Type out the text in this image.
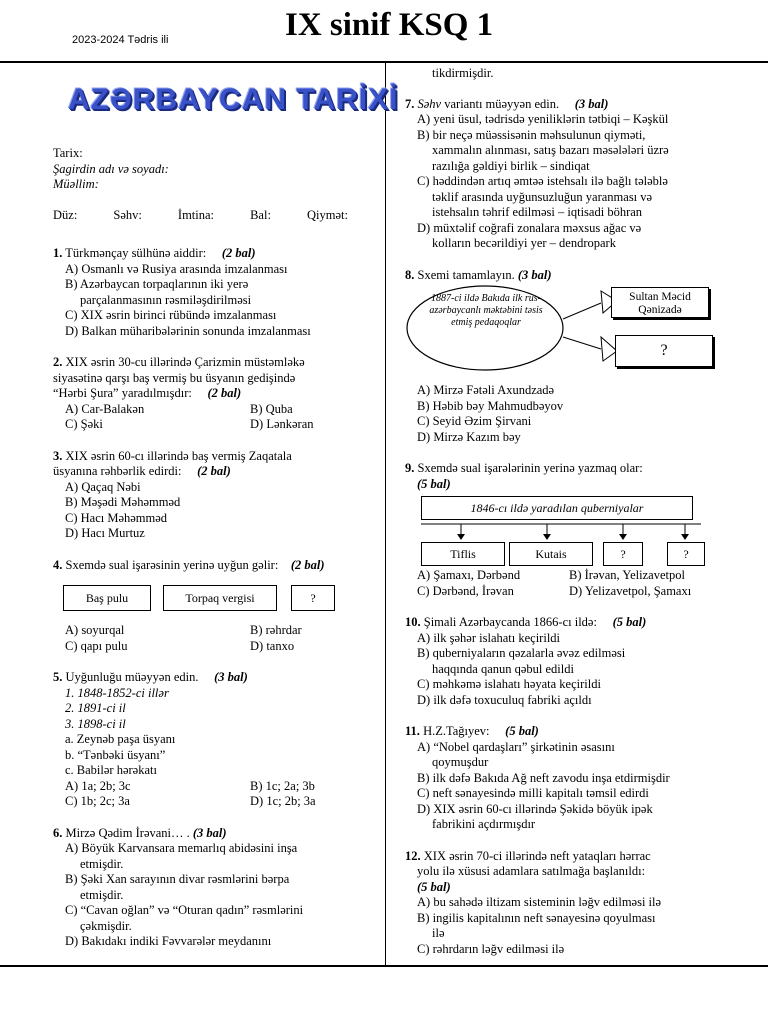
2023-2024 Tədris ili	IX sinif KSQ 1
AZƏRBAYCAN TARİXİ
Tarix:
Şagirdin adı və soyadı:
Müəllim:
Düz:	Səhv:	İmtina:	Bal:	Qiymət:
1. Türkmənçay sülhünə aiddir: (2 bal)
A) Osmanlı və Rusiya arasında imzalanması
B) Azərbaycan torpaqlarının iki yerə
parçalanmasının rəsmiləşdirilməsi
C) XIX əsrin birinci rübündə imzalanması
D) Balkan müharibələrinin sonunda imzalanması
2. XIX əsrin 30-cu illərində Çarizmin müstəmləkə
siyasətinə qarşı baş vermiş bu üsyanın gedişində
“Hərbi Şura” yaradılmışdır: (2 bal)
A) Car-Balakən	B) Quba
C) Şəki	D) Lənkəran
3. XIX əsrin 60-cı illərində baş vermiş Zaqatala
üsyanına rəhbərlik edirdi: (2 bal)
A) Qaçaq Nəbi
B) Məşədi Məhəmməd
C) Hacı Məhəmməd
D) Hacı Murtuz
4. Sxemdə sual işarəsinin yerinə uyğun gəlir: (2 bal)
Baş pulu	Torpaq vergisi	?
A) soyurqal	B) rəhrdar
C) qapı pulu	D) tanxo
5. Uyğunluğu müəyyən edin. (3 bal)
1. 1848-1852-ci illər
2. 1891-ci il
3. 1898-ci il
a. Zeynəb paşa üsyanı
b. “Tənbəki üsyanı”
c. Babilər hərəkatı
A) 1a; 2b; 3c	B) 1c; 2a; 3b
C) 1b; 2c; 3a	D) 1c; 2b; 3a
6. Mirzə Qədim İrəvani… . (3 bal)
A) Böyük Karvansara memarlıq abidəsini inşa
etmişdir.
B) Şəki Xan sarayının divar rəsmlərini bərpa
etmişdir.
C) “Cavan oğlan” və “Oturan qadın” rəsmlərini
çəkmişdir.
D) Bakıdakı indiki Fəvvarələr meydanını
tikdirmişdir.
7. Səhv variantı müəyyən edin. (3 bal)
A) yeni üsul, tədrisdə yeniliklərin tətbiqi – Kəşkül
B) bir neçə müəssisənin məhsulunun qiyməti,
xammalın alınması, satış bazarı məsələləri üzrə
razılığa gəldiyi birlik – sindiqat
C) həddindən artıq əmtəə istehsalı ilə bağlı tələblə
təklif arasında uyğunsuzluğun yaranması və
istehsalın təhrif edilməsi – iqtisadi böhran
D) müxtəlif coğrafi zonalara məxsus ağac və
kolların becərildiyi yer – dendropark
8. Sxemi tamamlayın. (3 bal)
1887-ci ildə Bakıda ilk rus-azərbaycanlı məktəbini təsis etmiş pedaqoqlar
Sultan Məcid Qənizadə
?
A) Mirzə Fətəli Axundzadə
B) Həbib bəy Mahmudbəyov
C) Seyid Əzim Şirvani
D) Mirzə Kazım bəy
9. Sxemdə sual işarələrinin yerinə yazmaq olar:
(5 bal)
1846-cı ildə yaradılan quberniyalar
Tiflis	Kutais	?	?
A) Şamaxı, Dərbənd	B) İrəvan, Yelizavetpol
C) Dərbənd, İrəvan	D) Yelizavetpol, Şamaxı
10. Şimali Azərbaycanda 1866-cı ildə: (5 bal)
A) ilk şəhər islahatı keçirildi
B) quberniyaların qəzalarla əvəz edilməsi
haqqında qanun qəbul edildi
C) məhkəmə islahatı həyata keçirildi
D) ilk dəfə toxuculuq fabriki açıldı
11. H.Z.Tağıyev: (5 bal)
A) “Nobel qardaşları” şirkətinin əsasını
qoymuşdur
B) ilk dəfə Bakıda Ağ neft zavodu inşa etdirmişdir
C) neft sənayesində milli kapitalı təmsil edirdi
D) XIX əsrin 60-cı illərində Şəkidə böyük ipək
fabrikini açdırmışdır
12. XIX əsrin 70-ci illərində neft yataqları hərrac
yolu ilə xüsusi adamlara satılmağa başlanıldı:
(5 bal)
A) bu sahədə iltizam sisteminin ləğv edilməsi ilə
B) ingilis kapitalının neft sənayesinə qoyulması
ilə
C) rəhrdarın ləğv edilməsi ilə
